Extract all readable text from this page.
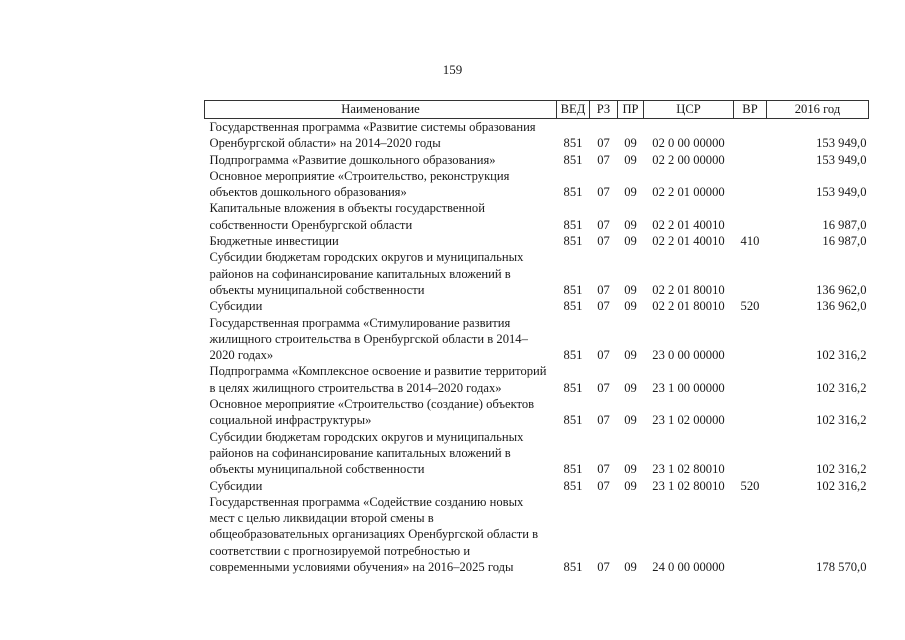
159
Наименование	ВЕД	РЗ	ПР	ЦСР	ВР	2016 год

Государственная программа «Развитие системы образования
Оренбургской области» на 2014–2020 годы	851	07	09	02 0 00 00000		153 949,0

Подпрограмма «Развитие дошкольного образования»	851	07	09	02 2 00 00000		153 949,0

Основное мероприятие «Строительство, реконструкция
объектов дошкольного образования»	851	07	09	02 2 01 00000		153 949,0

Капитальные вложения в объекты государственной
собственности Оренбургской области	851	07	09	02 2 01 40010		16 987,0

Бюджетные инвестиции	851	07	09	02 2 01 40010	410	16 987,0

Субсидии бюджетам городских округов и муниципальных
районов на софинансирование капитальных вложений в
объекты муниципальной собственности	851	07	09	02 2 01 80010		136 962,0

Субсидии	851	07	09	02 2 01 80010	520	136 962,0

Государственная программа «Стимулирование развития
жилищного строительства в Оренбургской области в 2014–
2020 годах»	851	07	09	23 0 00 00000		102 316,2

Подпрограмма «Комплексное освоение и развитие территорий
в целях жилищного строительства в 2014–2020 годах»	851	07	09	23 1 00 00000		102 316,2

Основное мероприятие «Строительство (создание) объектов
социальной инфраструктуры»	851	07	09	23 1 02 00000		102 316,2

Субсидии бюджетам городских округов и муниципальных
районов на софинансирование капитальных вложений в
объекты муниципальной собственности	851	07	09	23 1 02 80010		102 316,2

Субсидии	851	07	09	23 1 02 80010	520	102 316,2

Государственная программа «Содействие созданию новых
мест с целью ликвидации второй смены в
общеобразовательных организациях Оренбургской области в
соответствии с прогнозируемой потребностью и
современными условиями обучения» на 2016–2025 годы	851	07	09	24 0 00 00000		178 570,0
